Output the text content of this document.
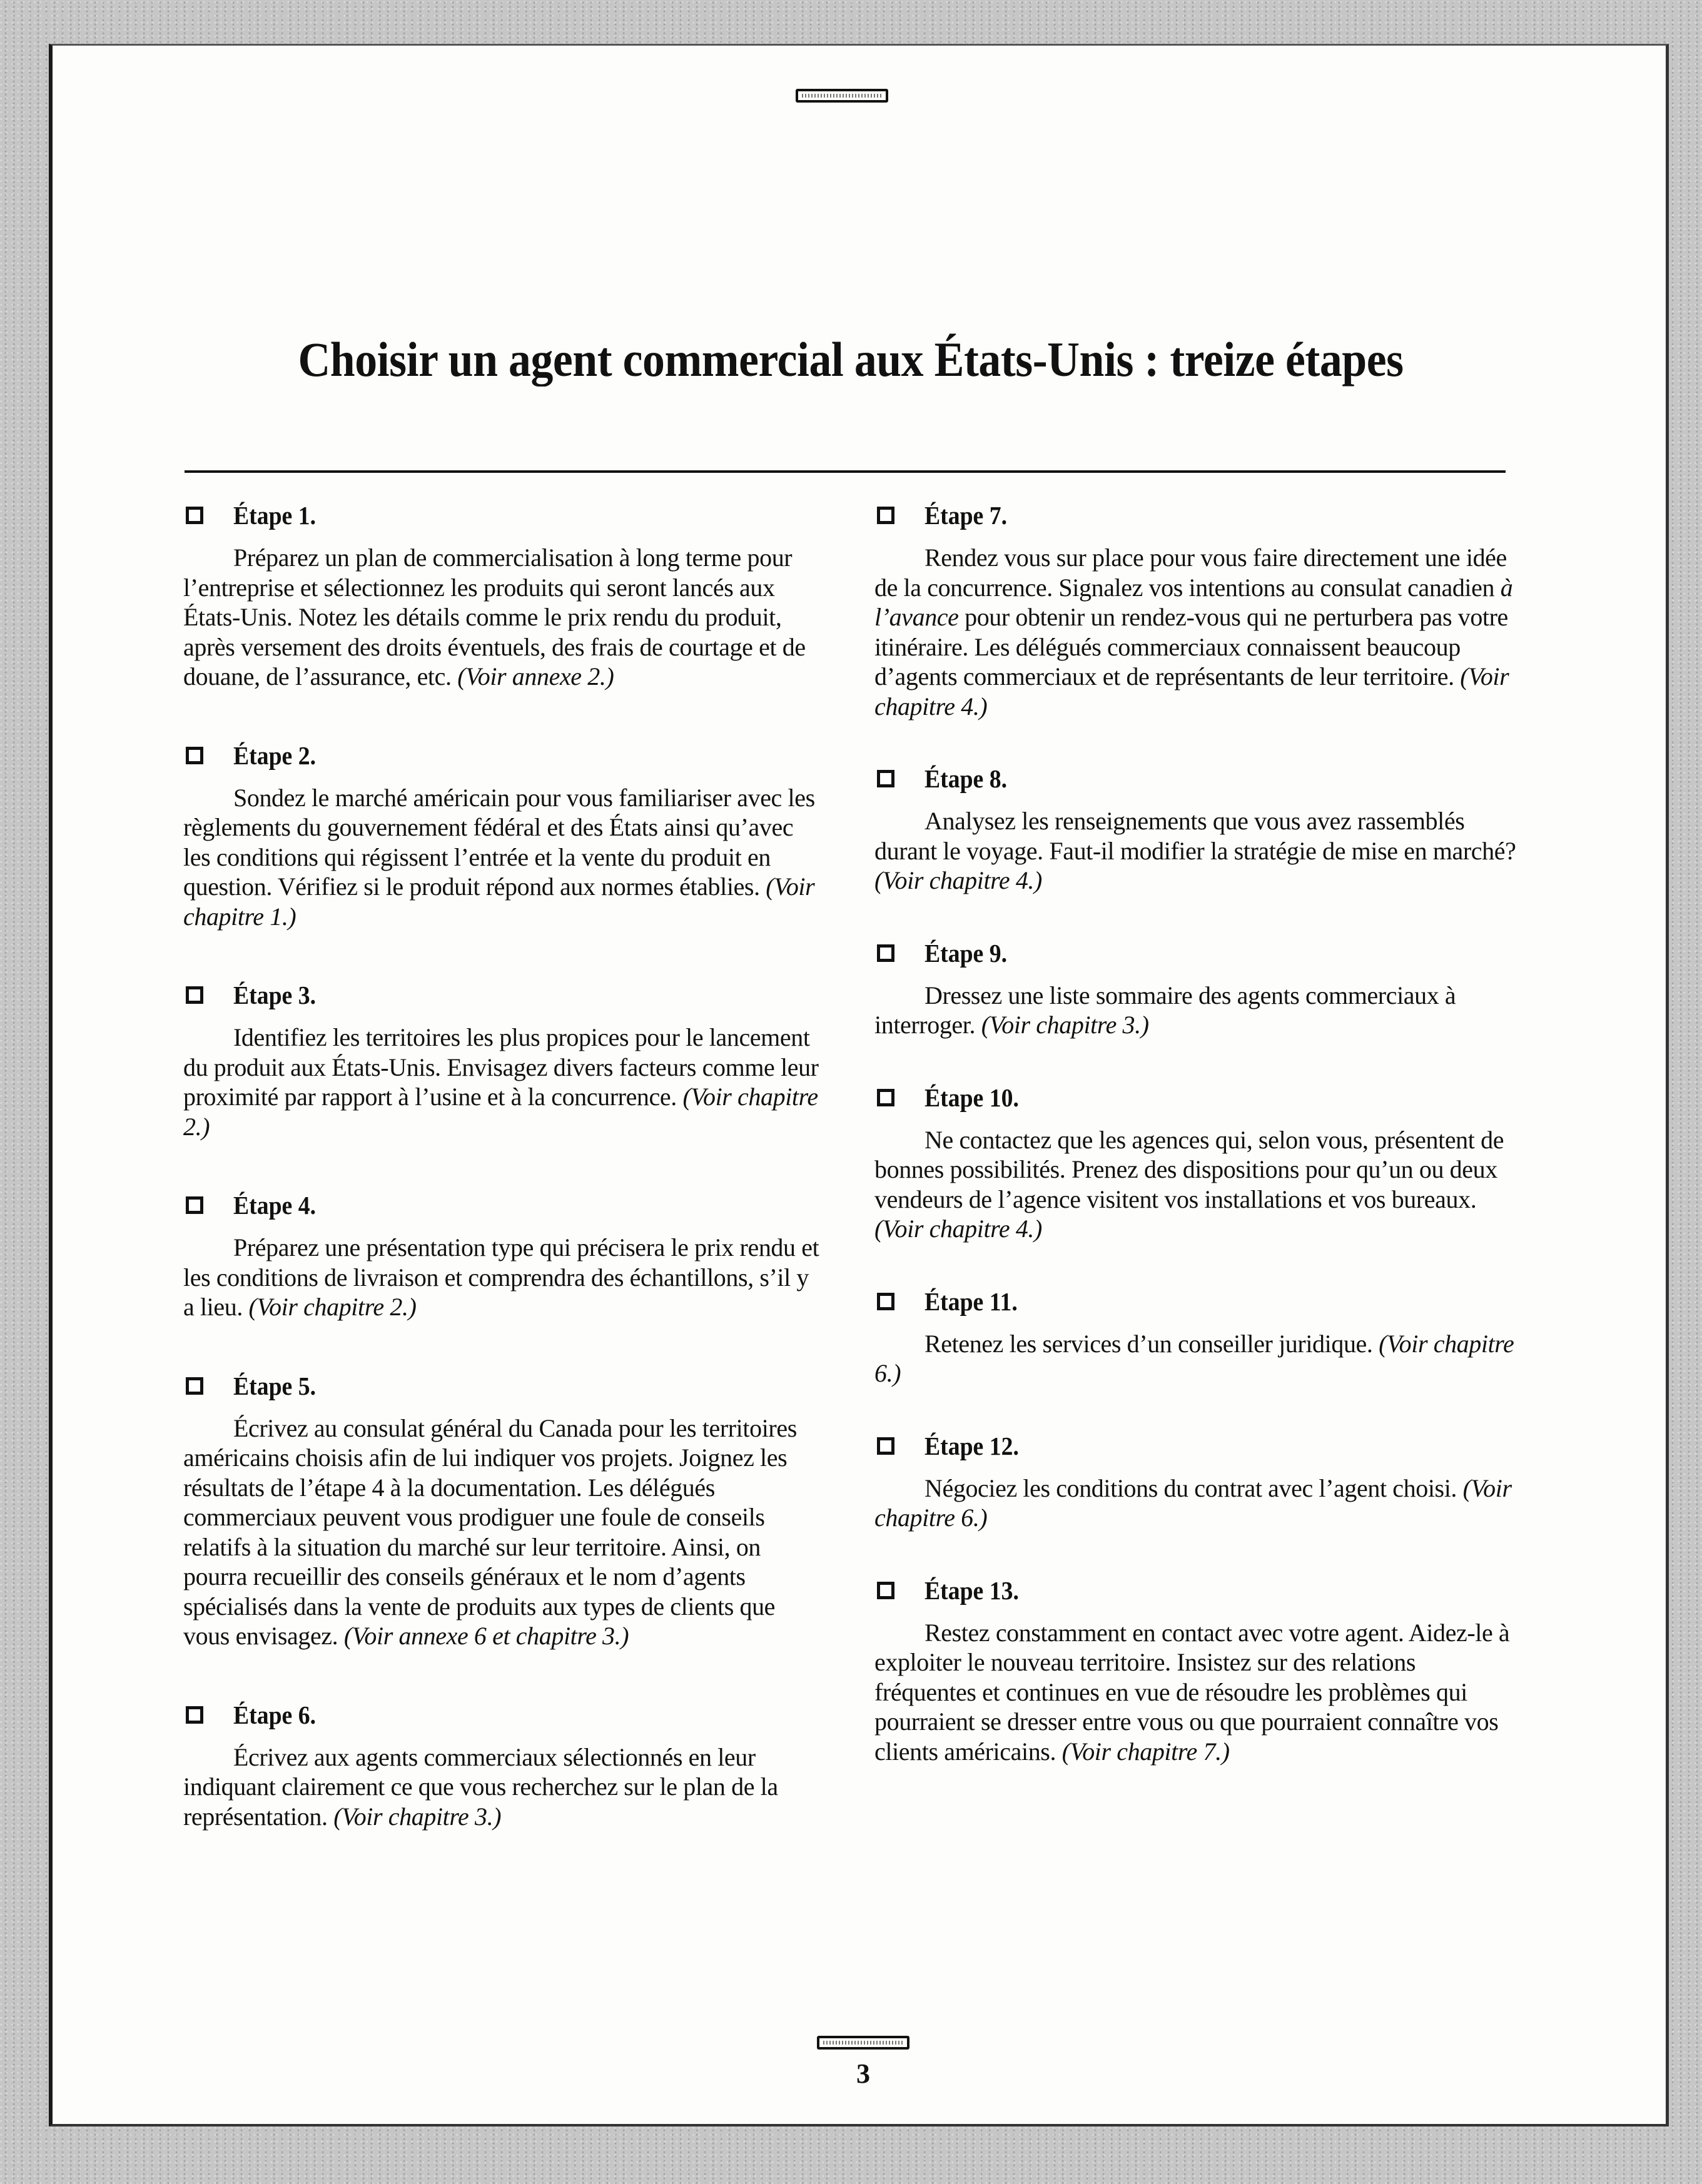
Choisir un agent commercial aux États-Unis : treize étapes
Étape 1.

Préparez un plan de commercialisation à long terme pour l’entreprise et sélectionnez les produits qui seront lancés aux États-Unis. Notez les détails comme le prix rendu du produit, après versement des droits éventuels, des frais de courtage et de douane, de l’assurance, etc. (Voir annexe 2.)

Étape 2.

Sondez le marché américain pour vous familiariser avec les règlements du gouvernement fédéral et des États ainsi qu’avec les conditions qui régissent l’entrée et la vente du produit en question. Vérifiez si le produit répond aux normes établies. (Voir chapitre 1.)

Étape 3.

Identifiez les territoires les plus propices pour le lancement du produit aux États-Unis. Envisagez divers facteurs comme leur proximité par rapport à l’usine et à la concurrence. (Voir chapitre 2.)

Étape 4.

Préparez une présentation type qui précisera le prix rendu et les conditions de livraison et comprendra des échantillons, s’il y a lieu. (Voir chapitre 2.)

Étape 5.

Écrivez au consulat général du Canada pour les territoires américains choisis afin de lui indiquer vos projets. Joignez les résultats de l’étape 4 à la documentation. Les délégués commerciaux peuvent vous prodiguer une foule de conseils relatifs à la situation du marché sur leur territoire. Ainsi, on pourra recueillir des conseils généraux et le nom d’agents spécialisés dans la vente de produits aux types de clients que vous envisagez. (Voir annexe 6 et chapitre 3.)

Étape 6.

Écrivez aux agents commerciaux sélectionnés en leur indiquant clairement ce que vous recherchez sur le plan de la représentation. (Voir chapitre 3.)

Étape 7.

Rendez vous sur place pour vous faire directement une idée de la concurrence. Signalez vos intentions au consulat canadien à l’avance pour obtenir un rendez-vous qui ne perturbera pas votre itinéraire. Les délégués commerciaux connaissent beaucoup d’agents commerciaux et de représentants de leur territoire. (Voir chapitre 4.)

Étape 8.

Analysez les renseignements que vous avez rassemblés durant le voyage. Faut-il modifier la stratégie de mise en marché? (Voir chapitre 4.)

Étape 9.

Dressez une liste sommaire des agents commerciaux à interroger. (Voir chapitre 3.)

Étape 10.

Ne contactez que les agences qui, selon vous, présentent de bonnes possibilités. Prenez des dispositions pour qu’un ou deux vendeurs de l’agence visitent vos installations et vos bureaux. (Voir chapitre 4.)

Étape 11.

Retenez les services d’un conseiller juridique. (Voir chapitre 6.)

Étape 12.

Négociez les conditions du contrat avec l’agent choisi. (Voir chapitre 6.)

Étape 13.

Restez constamment en contact avec votre agent. Aidez-le à exploiter le nouveau territoire. Insistez sur des relations fréquentes et continues en vue de résoudre les problèmes qui pourraient se dresser entre vous ou que pourraient connaître vos clients américains. (Voir chapitre 7.)

3
